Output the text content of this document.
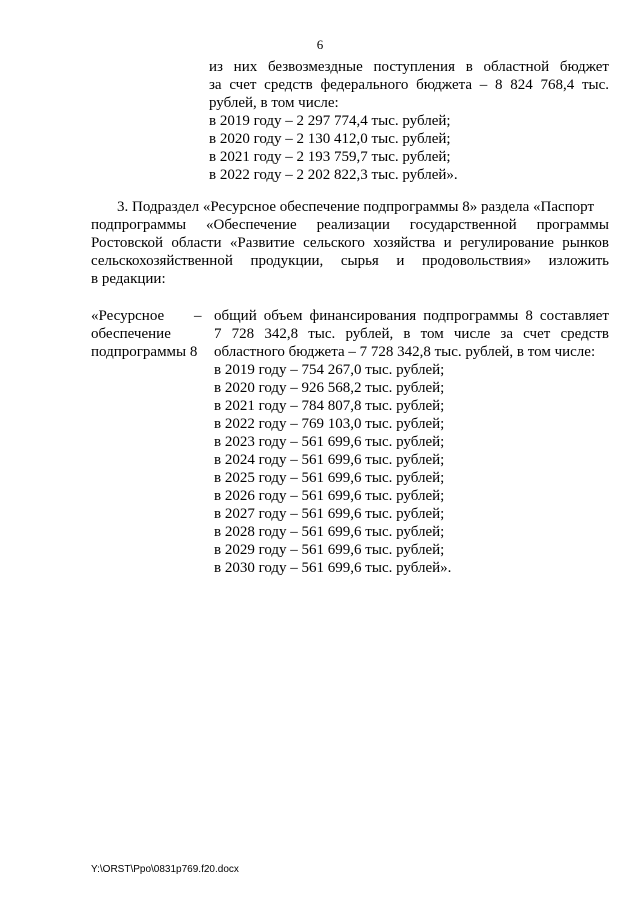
6
из них безвозмездные поступления в областной бюджет
за счет средств федерального бюджета – 8 824 768,4 тыс.
рублей, в том числе:
в 2019 году – 2 297 774,4 тыс. рублей;
в 2020 году – 2 130 412,0 тыс. рублей;
в 2021 году – 2 193 759,7 тыс. рублей;
в 2022 году – 2 202 822,3 тыс. рублей».
3. Подраздел «Ресурсное обеспечение подпрограммы 8» раздела «Паспорт
подпрограммы «Обеспечение реализации государственной программы
Ростовской области «Развитие сельского хозяйства и регулирование рынков
сельскохозяйственной продукции, сырья и продовольствия» изложить
в редакции:
«Ресурсное
обеспечение
подпрограммы 8
– общий объем финансирования подпрограммы 8 составляет
7 728 342,8 тыс. рублей, в том числе за счет средств
областного бюджета – 7 728 342,8 тыс. рублей, в том числе:
в 2019 году – 754 267,0 тыс. рублей;
в 2020 году – 926 568,2 тыс. рублей;
в 2021 году – 784 807,8 тыс. рублей;
в 2022 году – 769 103,0 тыс. рублей;
в 2023 году – 561 699,6 тыс. рублей;
в 2024 году – 561 699,6 тыс. рублей;
в 2025 году – 561 699,6 тыс. рублей;
в 2026 году – 561 699,6 тыс. рублей;
в 2027 году – 561 699,6 тыс. рублей;
в 2028 году – 561 699,6 тыс. рублей;
в 2029 году – 561 699,6 тыс. рублей;
в 2030 году – 561 699,6 тыс. рублей».
Y:\ORST\Ppo\0831p769.f20.docx
